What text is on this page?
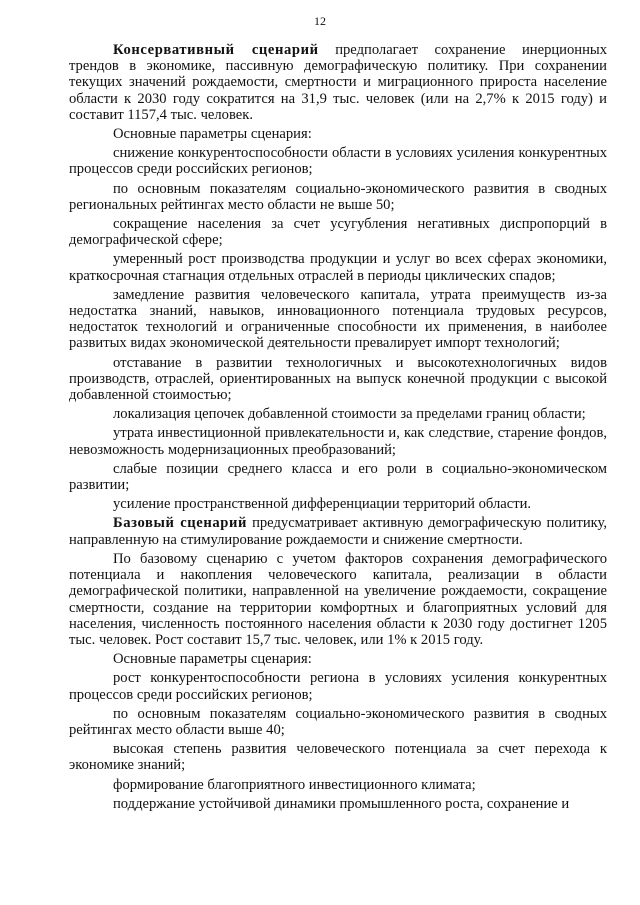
12

Консервативный сценарий предполагает сохранение инерционных трендов в экономике, пассивную демографическую политику. При сохранении текущих значений рождаемости, смертности и миграционного прироста население области к 2030 году сократится на 31,9 тыс. человек (или на 2,7% к 2015 году) и составит 1157,4 тыс. человек.

Основные параметры сценария:

снижение конкурентоспособности области в условиях усиления конкурентных процессов среди российских регионов;

по основным показателям социально-экономического развития в сводных региональных рейтингах место области не выше 50;

сокращение населения за счет усугубления негативных диспропорций в демографической сфере;

умеренный рост производства продукции и услуг во всех сферах экономики, краткосрочная стагнация отдельных отраслей в периоды циклических спадов;

замедление развития человеческого капитала, утрата преимуществ из-за недостатка знаний, навыков, инновационного потенциала трудовых ресурсов, недостаток технологий и ограниченные способности их применения, в наиболее развитых видах экономической деятельности превалирует импорт технологий;

отставание в развитии технологичных и высокотехнологичных видов производств, отраслей, ориентированных на выпуск конечной продукции с высокой добавленной стоимостью;

локализация цепочек добавленной стоимости за пределами границ области;

утрата инвестиционной привлекательности и, как следствие, старение фондов, невозможность модернизационных преобразований;

слабые позиции среднего класса и его роли в социально-экономическом развитии;

усиление пространственной дифференциации территорий области.

Базовый сценарий предусматривает активную демографическую политику, направленную на стимулирование рождаемости и снижение смертности.

По базовому сценарию с учетом факторов сохранения демографического потенциала и накопления человеческого капитала, реализации в области демографической политики, направленной на увеличение рождаемости, сокращение смертности, создание на территории комфортных и благоприятных условий для населения, численность постоянного населения области к 2030 году достигнет 1205 тыс. человек. Рост составит 15,7 тыс. человек, или 1% к 2015 году.

Основные параметры сценария:

рост конкурентоспособности региона в условиях усиления конкурентных процессов среди российских регионов;

по основным показателям социально-экономического развития в сводных рейтингах место области выше 40;

высокая степень развития человеческого потенциала за счет перехода к экономике знаний;

формирование благоприятного инвестиционного климата;

поддержание устойчивой динамики промышленного роста, сохранение и
